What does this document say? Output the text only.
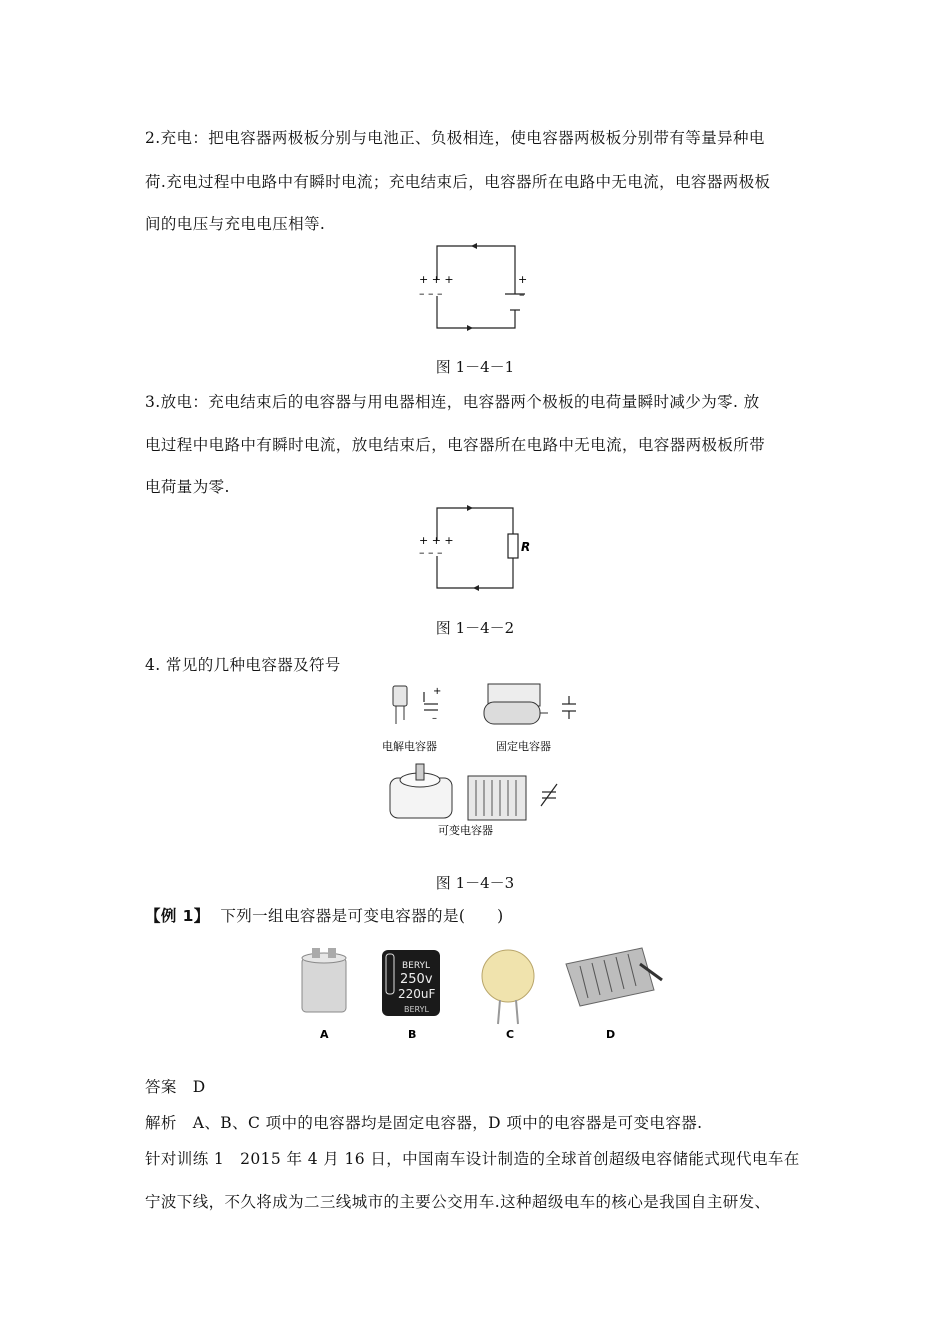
2.充电：把电容器两极板分别与电池正、负极相连，使电容器两极板分别带有等量异种电
荷.充电过程中电路中有瞬时电流；充电结束后，电容器所在电路中无电流，电容器两极板
间的电压与充电电压相等.
+ + +
– – –
+
–
图 1－4－1
3.放电：充电结束后的电容器与用电器相连，电容器两个极板的电荷量瞬时减少为零. 放
电过程中电路中有瞬时电流，放电结束后，电容器所在电路中无电流，电容器两极板所带
电荷量为零.
+ + +
– – –	R
图 1－4－2
4. 常见的几种电容器及符号
+
–
电解电容器	固定电容器
可变电容器
图 1－4－3
【例 1】 下列一组电容器是可变电容器的是(　　)
BERYL
250v
220uF
BERYL
A	B	C	D
答案 D
解析 A、B、C 项中的电容器均是固定电容器，D 项中的电容器是可变电容器.
针对训练 1　2015 年 4 月 16 日，中国南车设计制造的全球首创超级电容储能式现代电车在
宁波下线，不久将成为二三线城市的主要公交用车.这种超级电车的核心是我国自主研发、
